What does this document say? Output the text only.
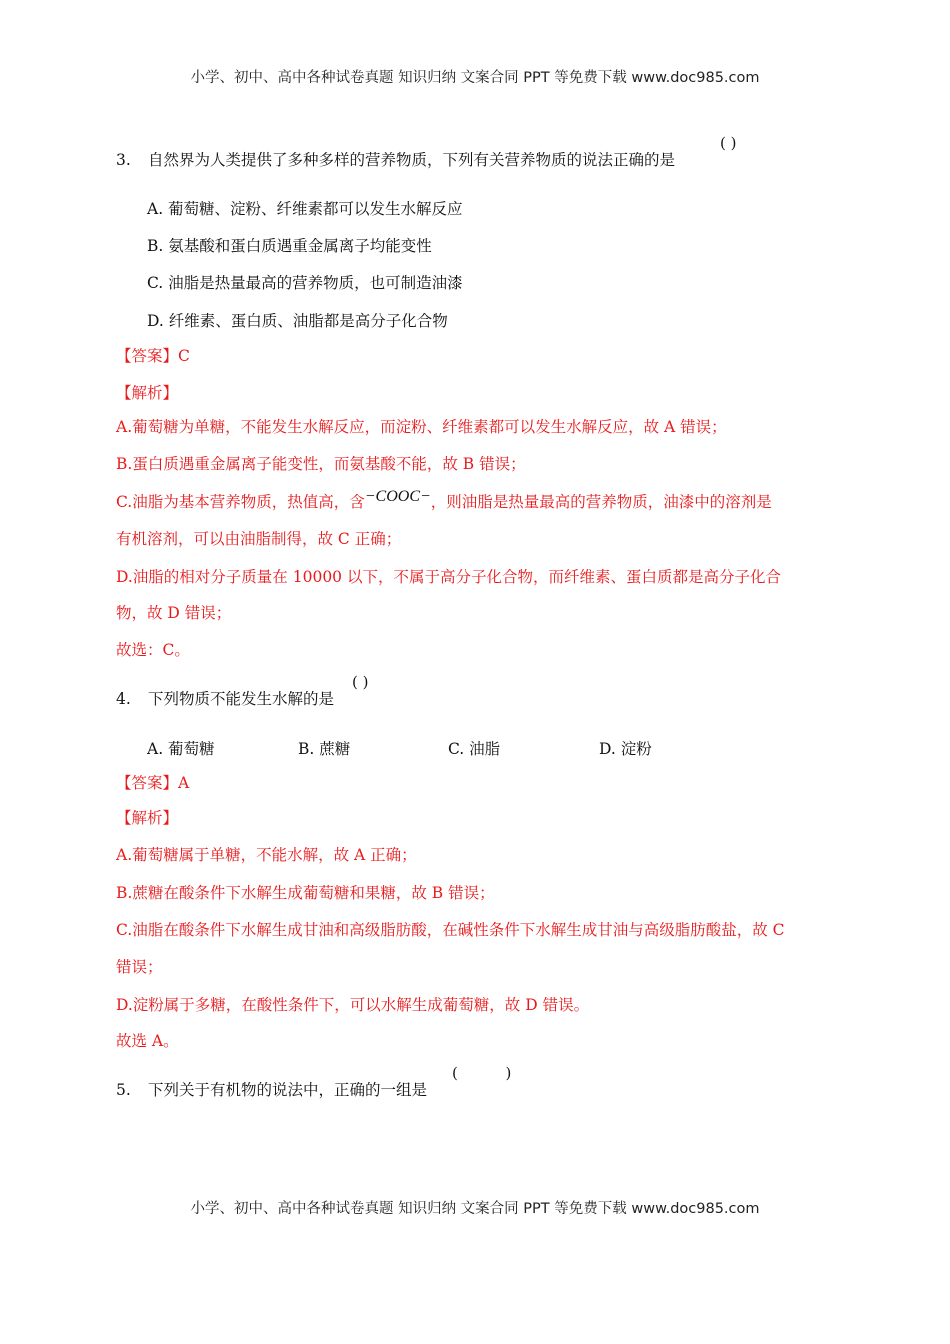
小学、初中、高中各种试卷真题 知识归纳 文案合同 PPT 等免费下载 www.doc985.com
3. 自然界为人类提供了多种多样的营养物质，下列有关营养物质的说法正确的是
( )
A. 葡萄糖、淀粉、纤维素都可以发生水解反应
B. 氨基酸和蛋白质遇重金属离子均能变性
C. 油脂是热量最高的营养物质，也可制造油漆
D. 纤维素、蛋白质、油脂都是高分子化合物
【答案】C
【解析】
A.葡萄糖为单糖，不能发生水解反应，而淀粉、纤维素都可以发生水解反应，故 A 错误；
B.蛋白质遇重金属离子能变性，而氨基酸不能，故 B 错误；
C.油脂为基本营养物质，热值高，含−COOC−，则油脂是热量最高的营养物质，油漆中的溶剂是
有机溶剂，可以由油脂制得，故 C 正确；
D.油脂的相对分子质量在 10000 以下，不属于高分子化合物，而纤维素、蛋白质都是高分子化合
物，故 D 错误；
故选：C。
4. 下列物质不能发生水解的是
( )
A. 葡萄糖	B. 蔗糖	C. 油脂	D. 淀粉
【答案】A
【解析】
A.葡萄糖属于单糖，不能水解，故 A 正确；
B.蔗糖在酸条件下水解生成葡萄糖和果糖，故 B 错误；
C.油脂在酸条件下水解生成甘油和高级脂肪酸，在碱性条件下水解生成甘油与高级脂肪酸盐，故 C
错误；
D.淀粉属于多糖，在酸性条件下，可以水解生成葡萄糖，故 D 错误。
故选 A。
5. 下列关于有机物的说法中，正确的一组是
(          )
小学、初中、高中各种试卷真题 知识归纳 文案合同 PPT 等免费下载 www.doc985.com
